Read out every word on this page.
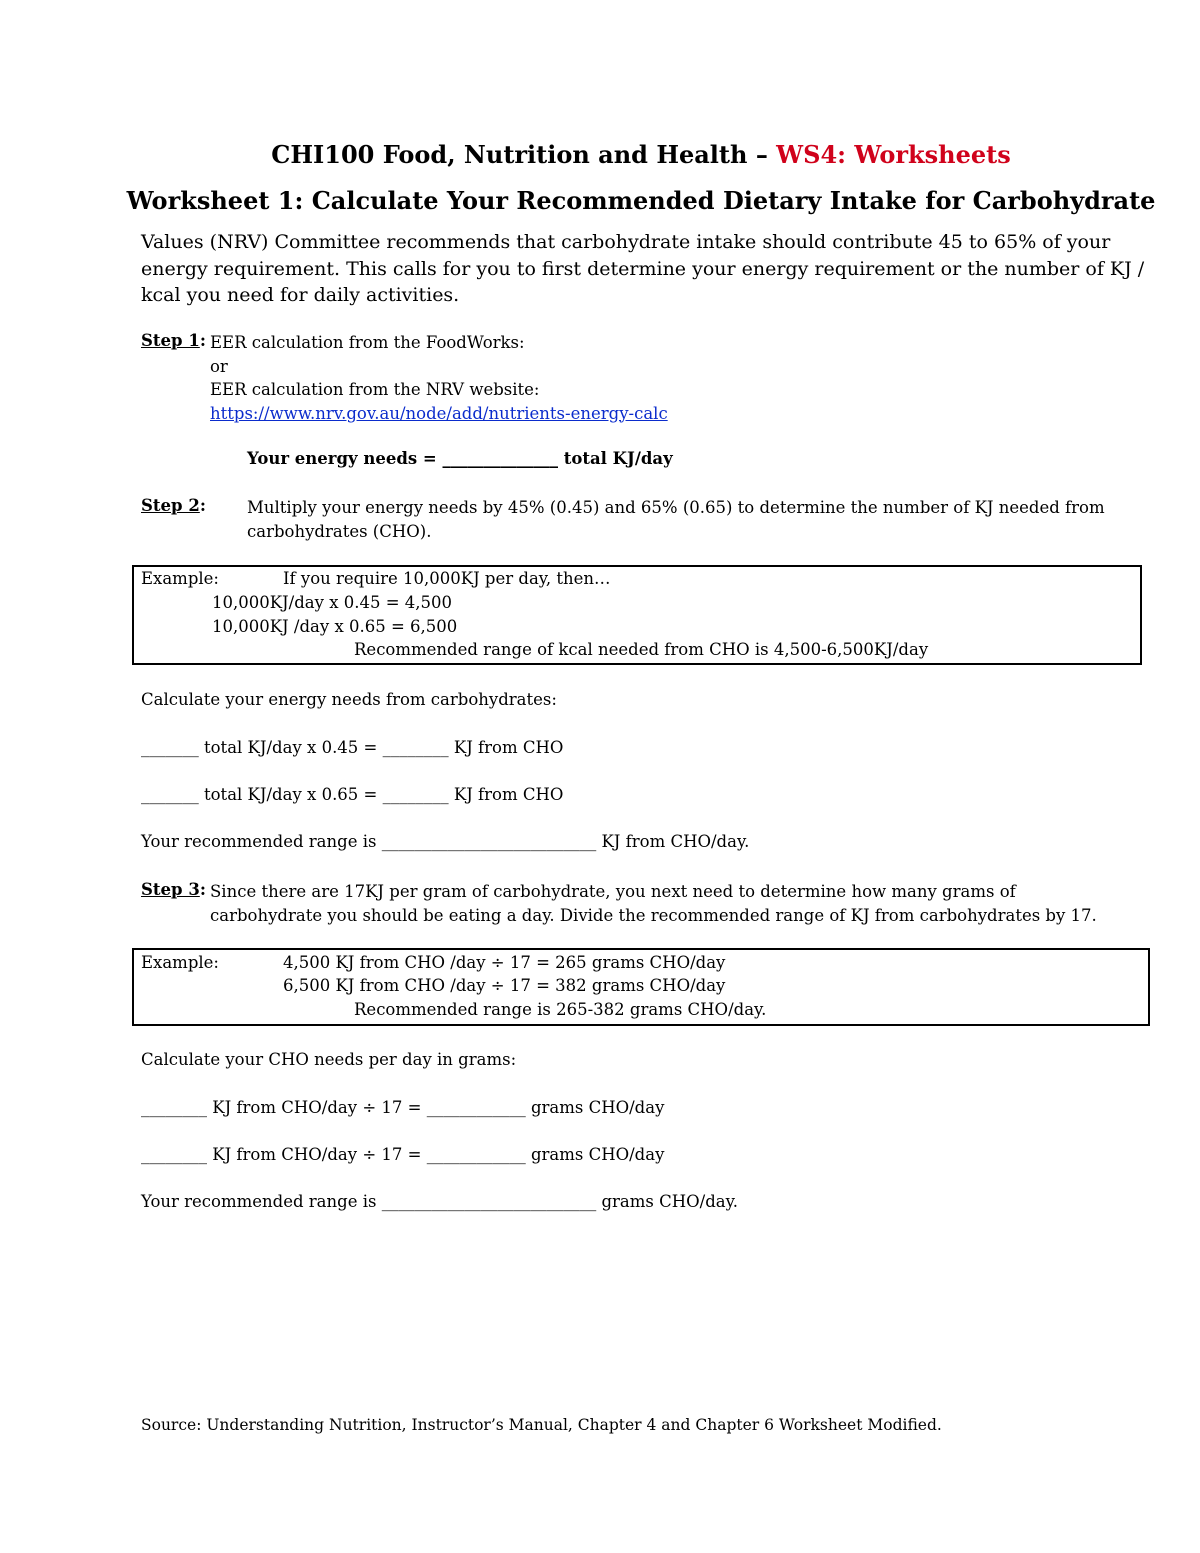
CHI100 Food, Nutrition and Health – WS4: Worksheets
Worksheet 1: Calculate Your Recommended Dietary Intake for Carbohydrate
Values (NRV) Committee recommends that carbohydrate intake should contribute 45 to 65% of your
energy requirement. This calls for you to first determine your energy requirement or the number of KJ /
kcal you need for daily activities.
Step 1: EER calculation from the FoodWorks:
or
EER calculation from the NRV website:
https://www.nrv.gov.au/node/add/nutrients-energy-calc
Your energy needs = ______________ total KJ/day
Step 2: Multiply your energy needs by 45% (0.45) and 65% (0.65) to determine the number of KJ needed from
carbohydrates (CHO).
Example:	If you require 10,000KJ per day, then…
10,000KJ/day x 0.45 = 4,500
10,000KJ /day x 0.65 = 6,500
Recommended range of kcal needed from CHO is 4,500-6,500KJ/day
Calculate your energy needs from carbohydrates:
_______ total KJ/day x 0.45 = ________ KJ from CHO
_______ total KJ/day x 0.65 = ________ KJ from CHO
Your recommended range is __________________________ KJ from CHO/day.
Step 3: Since there are 17KJ per gram of carbohydrate, you next need to determine how many grams of
carbohydrate you should be eating a day. Divide the recommended range of KJ from carbohydrates by 17.
Example:	4,500 KJ from CHO /day ÷ 17 = 265 grams CHO/day
6,500 KJ from CHO /day ÷ 17 = 382 grams CHO/day
Recommended range is 265-382 grams CHO/day.
Calculate your CHO needs per day in grams:
________ KJ from CHO/day ÷ 17 = ____________ grams CHO/day
________ KJ from CHO/day ÷ 17 = ____________ grams CHO/day
Your recommended range is __________________________ grams CHO/day.
Source: Understanding Nutrition, Instructor’s Manual, Chapter 4 and Chapter 6 Worksheet Modified.
